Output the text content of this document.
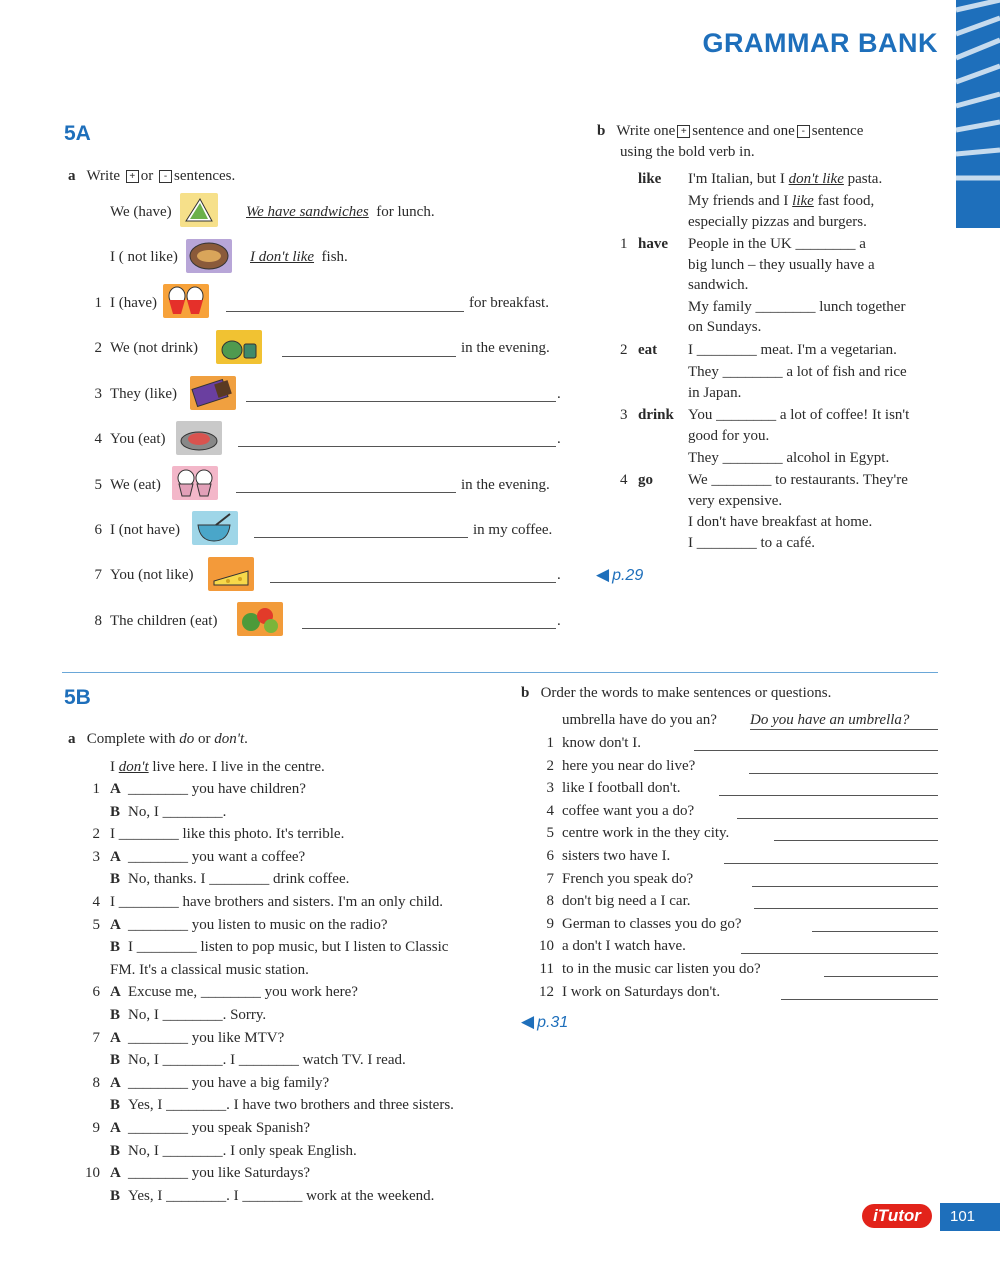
GRAMMAR BANK
5A
a Write + or - sentences.
We (have)	We have sandwiches for lunch.
I ( not like)	I don't like fish.
1 I (have)	for breakfast.
2 We (not drink)	in the evening.
3 They (like)	.
4 You (eat)	.
5 We (eat)	in the evening.
6 I (not have)	in my coffee.
7 You (not like)	.
8 The children (eat)	.
b Write one + sentence and one - sentence
using the bold verb in.
like I'm Italian, but I don't like pasta.
My friends and I like fast food,
especially pizzas and burgers.
1 have People in the UK ________ a
big lunch – they usually have a
sandwich.
My family ________ lunch together
on Sundays.
2 eat I ________ meat. I'm a vegetarian.
They ________ a lot of fish and rice
in Japan.
3 drink You ________ a lot of coffee! It isn't
good for you.
They ________ alcohol in Egypt.
4 go We ________ to restaurants. They're
very expensive.
I don't have breakfast at home.
I ________ to a café.
◀ p.29
5B
a Complete with do or don't.
I don't live here. I live in the centre.
1 A ________ you have children?
B No, I ________.
2 I ________ like this photo. It's terrible.
3 A ________ you want a coffee?
B No, thanks. I ________ drink coffee.
4 I ________ have brothers and sisters. I'm an only child.
5 A ________ you listen to music on the radio?
B I ________ listen to pop music, but I listen to Classic
FM. It's a classical music station.
6 A Excuse me, ________ you work here?
B No, I ________. Sorry.
7 A ________ you like MTV?
B No, I ________. I ________ watch TV. I read.
8 A ________ you have a big family?
B Yes, I ________. I have two brothers and three sisters.
9 A ________ you speak Spanish?
B No, I ________. I only speak English.
10 A ________ you like Saturdays?
B Yes, I ________. I ________ work at the weekend.
b Order the words to make sentences or questions.
umbrella have do you an? Do you have an umbrella?
1 know don't I.
2 here you near do live?
3 like I football don't.
4 coffee want you a do?
5 centre work in the they city.
6 sisters two have I.
7 French you speak do?
8 don't big need a I car.
9 German to classes you do go?
10 a don't I watch have.
11 to in the music car listen you do?
12 I work on Saturdays don't.
◀ p.31
iTutor	101
